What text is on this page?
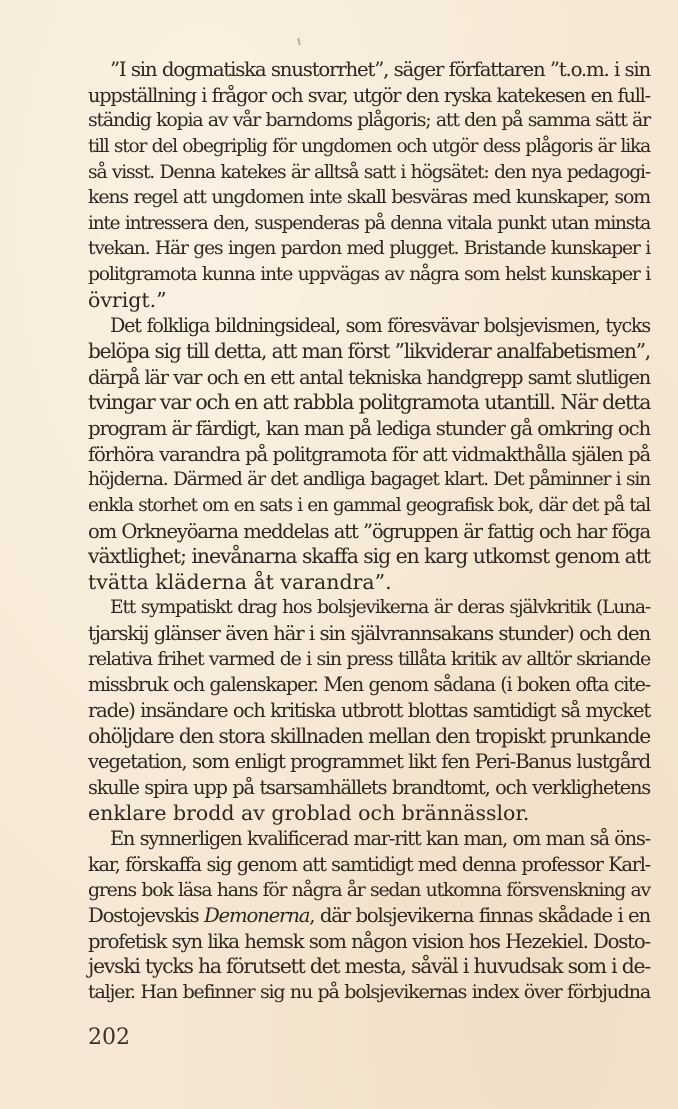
”I sin dogmatiska snustorrhet”, säger författaren ”t.o.m. i sin
uppställning i frågor och svar, utgör den ryska katekesen en full-
ständig kopia av vår barndoms plågoris; att den på samma sätt är
till stor del obegriplig för ungdomen och utgör dess plågoris är lika
så visst. Denna katekes är alltså satt i högsätet: den nya pedagogi-
kens regel att ungdomen inte skall besväras med kunskaper, som
inte intressera den, suspenderas på denna vitala punkt utan minsta
tvekan. Här ges ingen pardon med plugget. Bristande kunskaper i
politgramota kunna inte uppvägas av några som helst kunskaper i
övrigt.”
Det folkliga bildningsideal, som föresvävar bolsjevismen, tycks
belöpa sig till detta, att man först ”likviderar analfabetismen”,
därpå lär var och en ett antal tekniska handgrepp samt slutligen
tvingar var och en att rabbla politgramota utantill. När detta
program är färdigt, kan man på lediga stunder gå omkring och
förhöra varandra på politgramota för att vidmakthålla själen på
höjderna. Därmed är det andliga bagaget klart. Det påminner i sin
enkla storhet om en sats i en gammal geografisk bok, där det på tal
om Orkneyöarna meddelas att ”ögruppen är fattig och har föga
växtlighet; inevånarna skaffa sig en karg utkomst genom att
tvätta kläderna åt varandra”.
Ett sympatiskt drag hos bolsjevikerna är deras självkritik (Luna-
tjarskij glänser även här i sin självrannsakans stunder) och den
relativa frihet varmed de i sin press tillåta kritik av alltör skriande
missbruk och galenskaper. Men genom sådana (i boken ofta cite-
rade) insändare och kritiska utbrott blottas samtidigt så mycket
ohöljdare den stora skillnaden mellan den tropiskt prunkande
vegetation, som enligt programmet likt fen Peri-Banus lustgård
skulle spira upp på tsarsamhällets brandtomt, och verklighetens
enklare brodd av groblad och brännässlor.
En synnerligen kvalificerad mar-ritt kan man, om man så öns-
kar, förskaffa sig genom att samtidigt med denna professor Karl-
grens bok läsa hans för några år sedan utkomna försvenskning av
Dostojevskis Demonerna, där bolsjevikerna finnas skådade i en
profetisk syn lika hemsk som någon vision hos Hezekiel. Dosto-
jevski tycks ha förutsett det mesta, såväl i huvudsak som i de-
taljer. Han befinner sig nu på bolsjevikernas index över förbjudna
202
